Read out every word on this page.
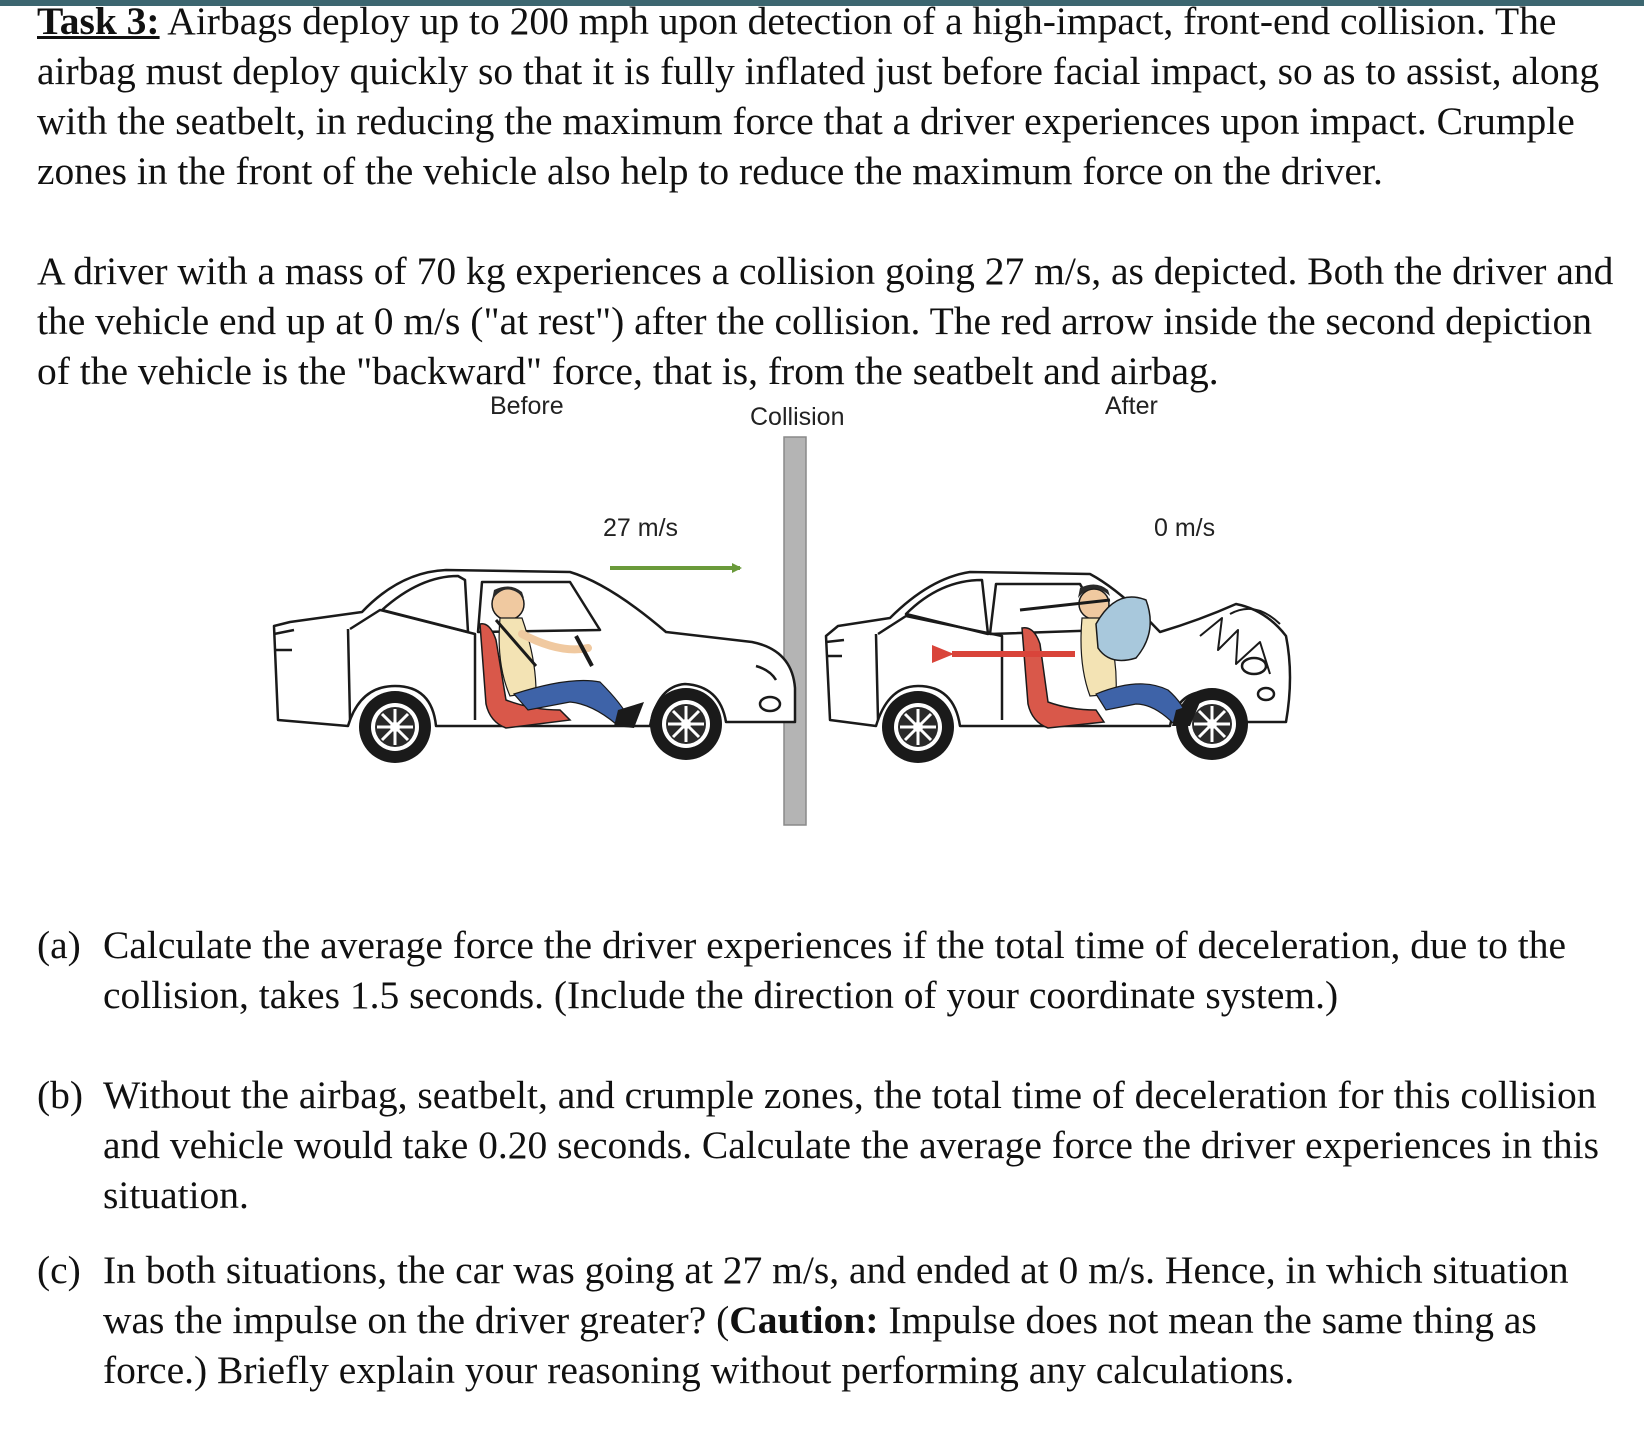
Task 3: Airbags deploy up to 200 mph upon detection of a high-impact, front-end collision. The airbag must deploy quickly so that it is fully inflated just before facial impact, so as to assist, along with the seatbelt, in reducing the maximum force that a driver experiences upon impact. Crumple zones in the front of the vehicle also help to reduce the maximum force on the driver.

A driver with a mass of 70 kg experiences a collision going 27 m/s, as depicted. Both the driver and the vehicle end up at 0 m/s ("at rest") after the collision. The red arrow inside the second depiction of the vehicle is the "backward" force, that is, from the seatbelt and airbag.

Before	Collision	After
27 m/s	0 m/s
(a) Calculate the average force the driver experiences if the total time of deceleration, due to the collision, takes 1.5 seconds. (Include the direction of your coordinate system.)
(b) Without the airbag, seatbelt, and crumple zones, the total time of deceleration for this collision and vehicle would take 0.20 seconds. Calculate the average force the driver experiences in this situation.
(c) In both situations, the car was going at 27 m/s, and ended at 0 m/s. Hence, in which situation was the impulse on the driver greater? (Caution: Impulse does not mean the same thing as force.) Briefly explain your reasoning without performing any calculations.
